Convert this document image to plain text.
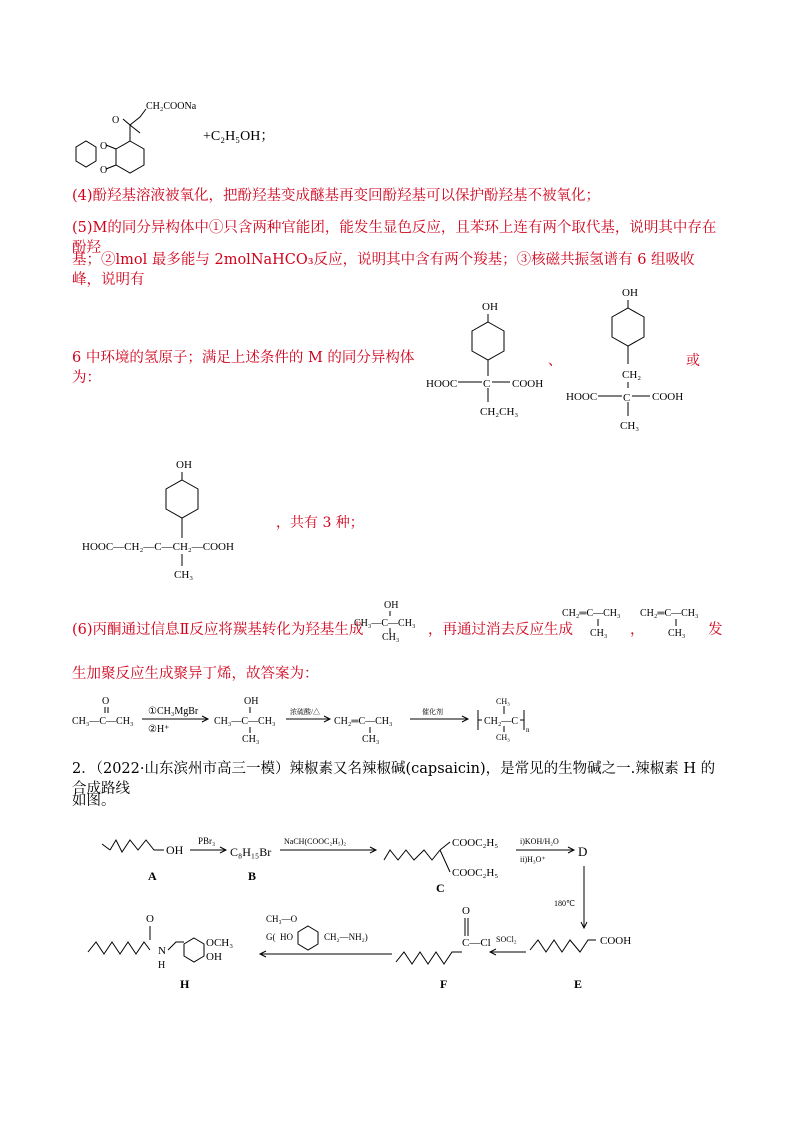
CH₂COONa
O
O
O
+C₂H₅OH；
(4)酚羟基溶液被氧化，把酚羟基变成醚基再变回酚羟基可以保护酚羟基不被氧化；
(5)M的同分异构体中①只含两种官能团，能发生显色反应，且苯环上连有两个取代基，说明其中存在酚羟
基；②lmol 最多能与 2molNaHCO₃反应，说明其中含有两个羧基；③核磁共振氢谱有 6 组吸收峰，说明有
6 中环境的氢原子；满足上述条件的 M 的同分异构体为：
OH
HOOC C COOH
CH₂CH₃
、
OH
CH₂
HOOC C COOH
CH₃
或
OH
HOOC—CH₂—C—CH₂—COOH
CH₃
，共有 3 种；
(6)丙酮通过信息Ⅱ反应将羰基转化为羟基生成
OH
CH₃—C—CH₃
CH₃ ，再通过消去反应生成
CH₂═C—CH₃
CH₃ ，
CH₂═C—CH₃
CH₃ 发
生加聚反应生成聚异丁烯，故答案为：
O
CH₃—C—CH₃
①CH₃MgBr
②H⁺
OH
CH₃—C—CH₃
CH₃
浓硫酸/△
CH₂═C—CH₃
CH₃
催化剂
CH₃
CH₂—C
CH₃
n
2．（2022·山东滨州市高三一模）辣椒素又名辣椒碱(capsaicin)，是常见的生物碱之一.辣椒素 H 的合成路线
如图。
OH
A
PBr₃
C₈H₁₅Br
B
NaCH(COOC₂H₅)₂	COOC₂H₅
COOC₂H₅
C
i)KOH/H₂O
ii)H₃O⁺
D
180℃
COOH
E
SOCl₂
O
C—Cl
F
CH₃—O
G( HO	CH₂—NH₂)
O
N
H
OCH₃
OH
H
